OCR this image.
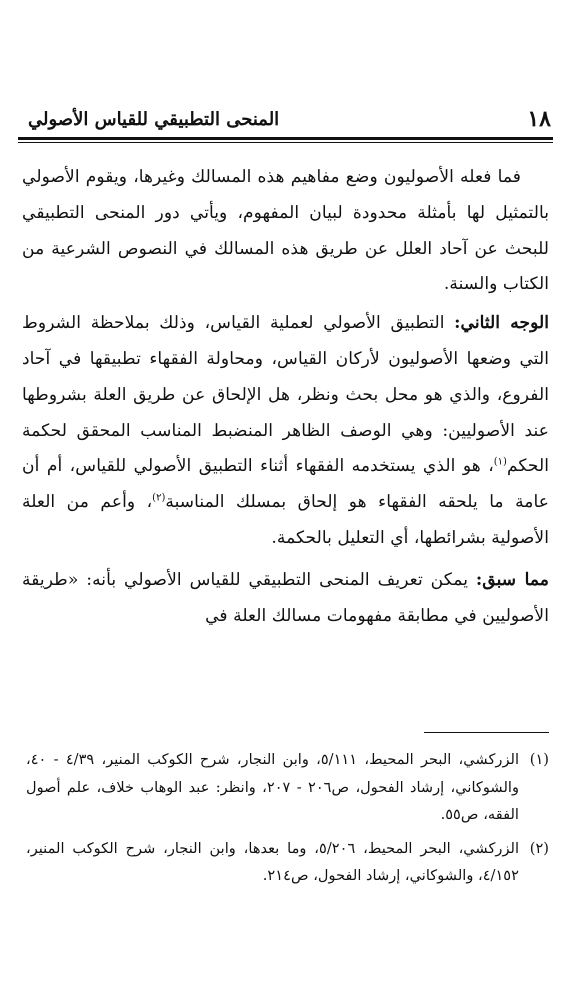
١٨
المنحى التطبيقي للقياس الأصولي

فما فعله الأصوليون وضع مفاهيم هذه المسالك وغيرها، ويقوم الأصولي بالتمثيل لها بأمثلة محدودة لبيان المفهوم، ويأتي دور المنحى التطبيقي للبحث عن آحاد العلل عن طريق هذه المسالك في النصوص الشرعية من الكتاب والسنة.

الوجه الثاني: التطبيق الأصولي لعملية القياس، وذلك بملاحظة الشروط التي وضعها الأصوليون لأركان القياس، ومحاولة الفقهاء تطبيقها في آحاد الفروع، والذي هو محل بحث ونظر، هل الإلحاق عن طريق العلة بشروطها عند الأصوليين: وهي الوصف الظاهر المنضبط المناسب المحقق لحكمة الحكم$^{(١)}$، هو الذي يستخدمه الفقهاء أثناء التطبيق الأصولي للقياس، أم أن عامة ما يلحقه الفقهاء هو إلحاق بمسلك المناسبة$^{(٢)}$، وأعم من العلة الأصولية بشرائطها، أي التعليل بالحكمة.

مما سبق: يمكن تعريف المنحى التطبيقي للقياس الأصولي بأنه: «طريقة الأصوليين في مطابقة مفهومات مسالك العلة في

(١)
الزركشي، البحر المحيط، ٥/١١١، وابن النجار، شرح الكوكب المنير، ٤/٣٩ - ٤٠، والشوكاني، إرشاد الفحول، ص٢٠٦ - ٢٠٧، وانظر: عبد الوهاب خلاف، علم أصول الفقه، ص٥٥.
(٢)
الزركشي، البحر المحيط، ٥/٢٠٦، وما بعدها، وابن النجار، شرح الكوكب المنير، ٤/١٥٢، والشوكاني، إرشاد الفحول، ص٢١٤.
